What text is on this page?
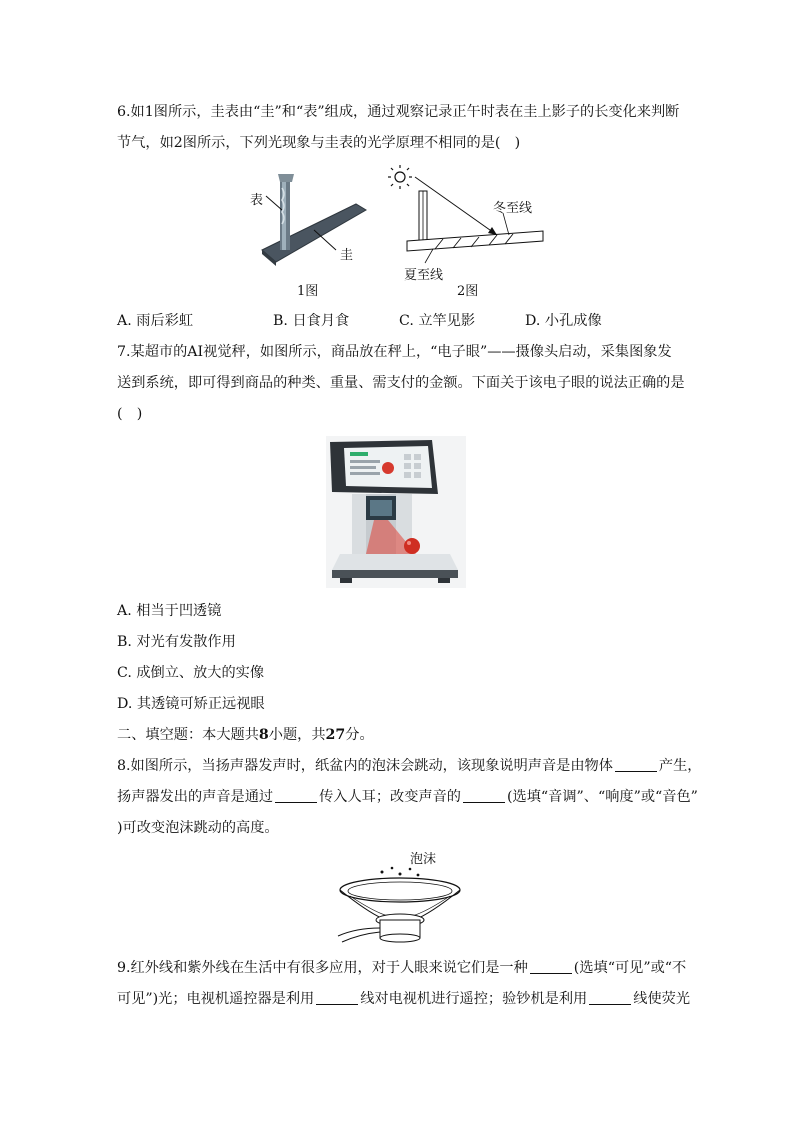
6.如1图所示，圭表由“圭”和“表”组成，通过观察记录正午时表在圭上影子的长变化来判断
节气，如2图所示，下列光现象与圭表的光学原理不相同的是(　)
表
圭
1图
冬至线
夏至线
2图
A. 雨后彩虹	B. 日食月食	C. 立竿见影	D. 小孔成像
7.某超市的AI视觉秤，如图所示，商品放在秤上，“电子眼”——摄像头启动，采集图象发
送到系统，即可得到商品的种类、重量、需支付的金额。下面关于该电子眼的说法正确的是
(　)
A. 相当于凹透镜
B. 对光有发散作用
C. 成倒立、放大的实像
D. 其透镜可矫正远视眼
二、填空题：本大题共8小题，共27分。
8.如图所示，当扬声器发声时，纸盆内的泡沫会跳动，该现象说明声音是由物体	产生，
扬声器发出的声音是通过	传入人耳；改变声音的	(选填“音调”、“响度”或“音色”
)可改变泡沫跳动的高度。
泡沫
9.红外线和紫外线在生活中有很多应用，对于人眼来说它们是一种	(选填“可见”或“不
可见”)光；电视机遥控器是利用	线对电视机进行遥控；验钞机是利用	线使荧光
